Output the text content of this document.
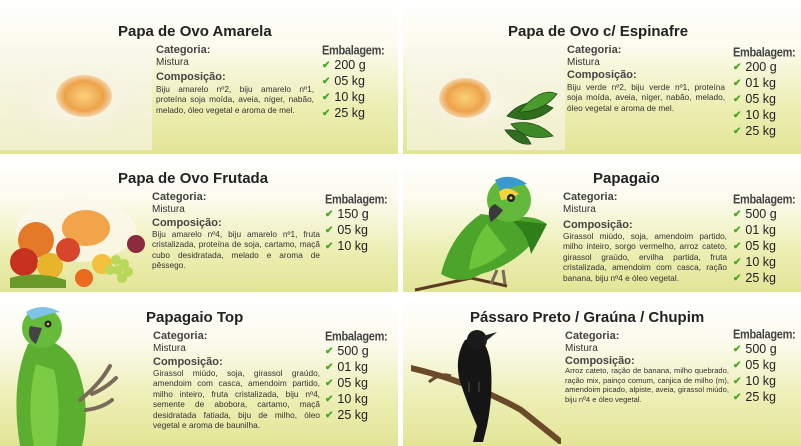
Papa de Ovo Amarela
Categoria:
Mistura
Composição:
Biju amarelo nº2, biju amarelo nº1, proteína soja moída, aveia, níger, nabão, melado, óleo vegetal e aroma de mel.
Embalagem:
✔ 200 g
✔ 05 kg
✔ 10 kg
✔ 25 kg
Papa de Ovo c/ Espinafre
Categoria:
Mistura
Composição:
Biju verde nº2, biju verde nº1, proteína soja moída, aveia, níger, nabão, melado, óleo vegetal e aroma de mel.
Embalagem:
✔ 200 g
✔ 01 kg
✔ 05 kg
✔ 10 kg
✔ 25 kg
Papa de Ovo Frutada
Categoria:
Mistura
Composição:
Biju amarelo nº4, biju amarelo nº1, fruta cristalizada, proteína de soja, cartamo, maçã cubo desidratada, melado e aroma de pêssego.
Embalagem:
✔ 150 g
✔ 05 kg
✔ 10 kg
Papagaio
Categoria:
Mistura
Composição:
Girassol miúdo, soja, amendoim partido, milho inteiro, sorgo vermelho, arroz cateto, girassol graúdo, ervilha partida, fruta cristalizada, amendoim com casca, ração banana, biju nº4 e óleo vegetal.
Embalagem:
✔ 500 g
✔ 01 kg
✔ 05 kg
✔ 10 kg
✔ 25 kg
Papagaio Top
Categoria:
Mistura
Composição:
Girassol miúdo, soja, girassol graúdo, amendoim com casca, amendoim partido, milho inteiro, fruta cristalizada, biju nº4, semente de abobora, cartamo, maçã desidratada fatiada, biju de milho, óleo vegetal e aroma de baunilha.
Embalagem:
✔ 500 g
✔ 01 kg
✔ 05 kg
✔ 10 kg
✔ 25 kg
Pássaro Preto / Graúna / Chupim
Categoria:
Mistura
Composição:
Arroz cateto, ração de banana, milho quebrado, ração mix, painço comum, canjica de milho (m), amendoim picado, alpiste, aveia, girassol miúdo, biju nº4 e óleo vegetal.
Embalagem:
✔ 500 g
✔ 05 kg
✔ 10 kg
✔ 25 kg
